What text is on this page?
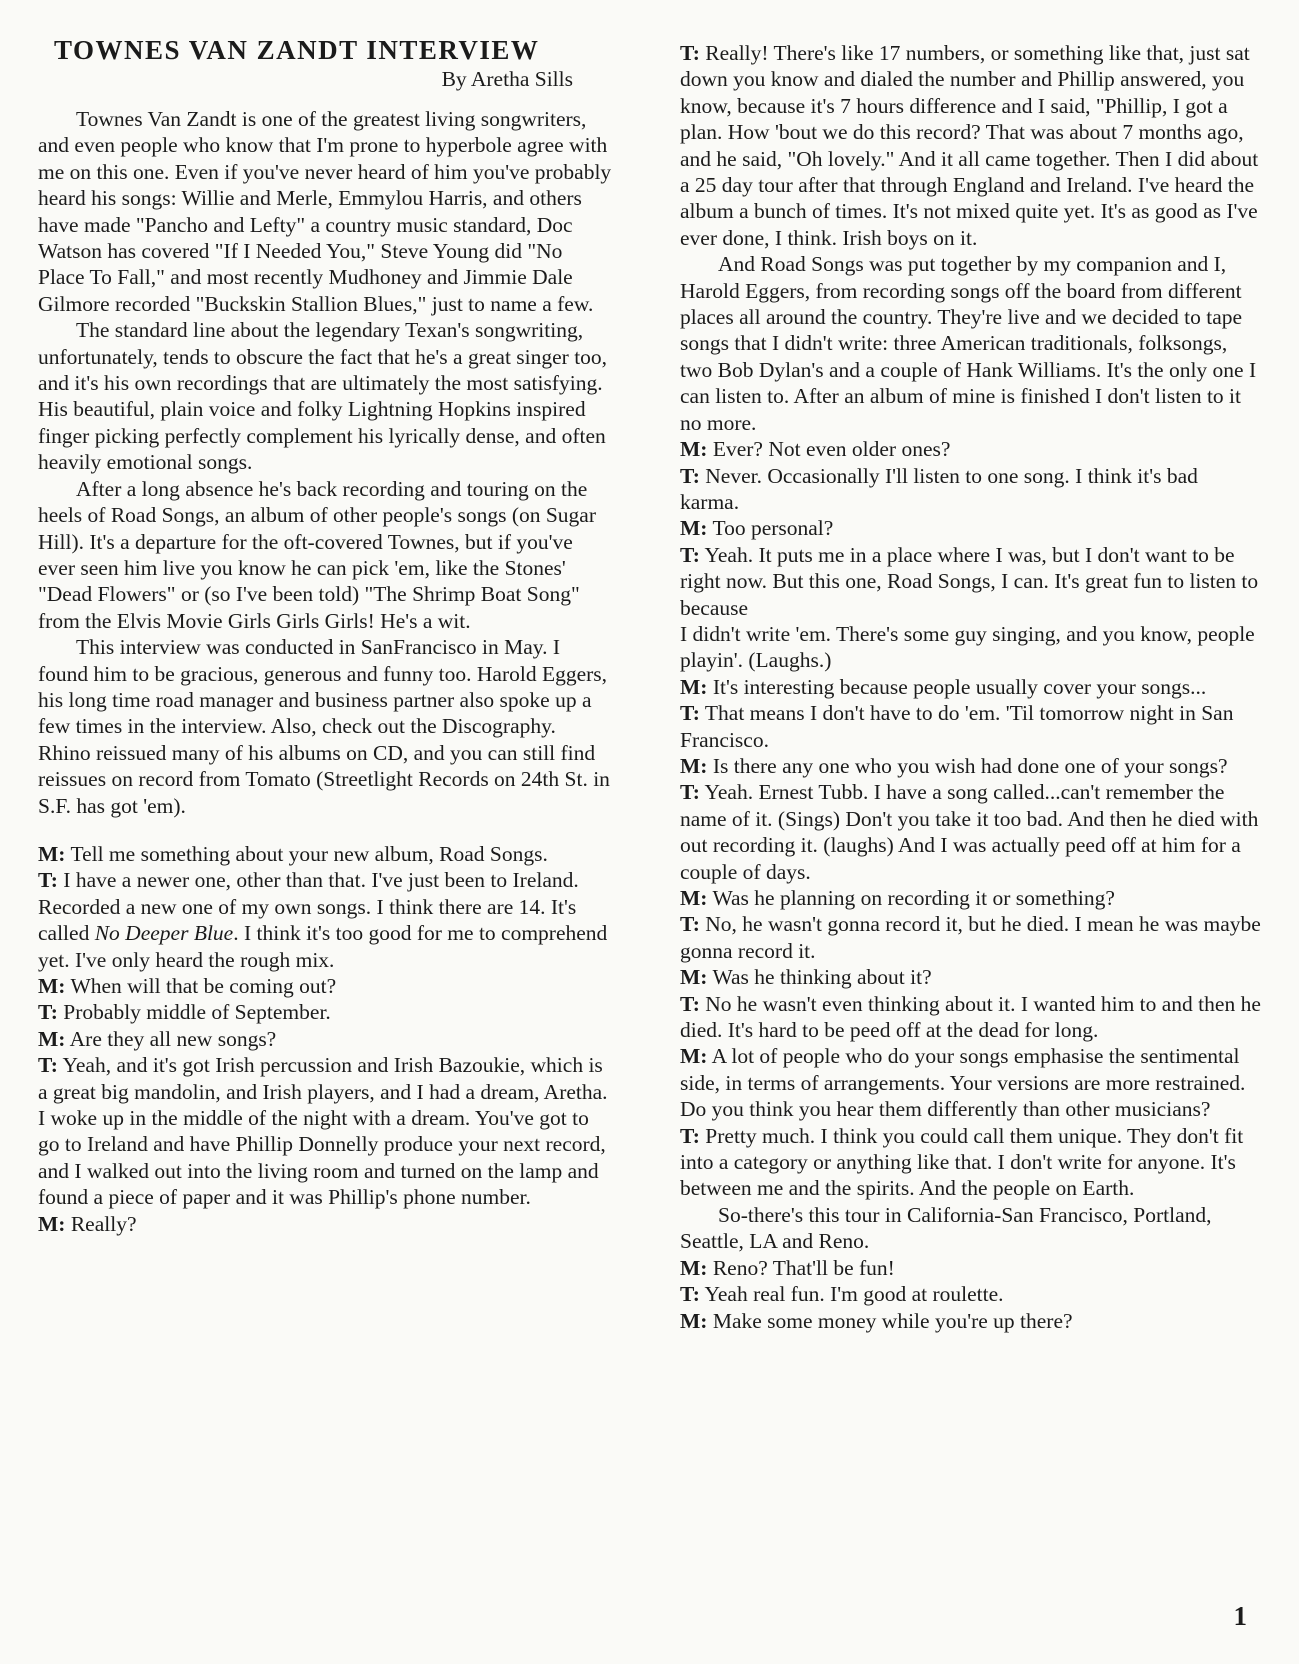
TOWNES VAN ZANDT INTERVIEW
By Aretha Sills

Townes Van Zandt is one of the greatest living songwriters, and even people who know that I'm prone to hyperbole agree with me on this one. Even if you've never heard of him you've probably heard his songs: Willie and Merle, Emmylou Harris, and others have made "Pancho and Lefty" a country music standard, Doc Watson has covered "If I Needed You," Steve Young did "No Place To Fall," and most recently Mudhoney and Jimmie Dale Gilmore recorded "Buckskin Stallion Blues," just to name a few.

The standard line about the legendary Texan's songwriting, unfortunately, tends to obscure the fact that he's a great singer too, and it's his own recordings that are ultimately the most satisfying. His beautiful, plain voice and folky Lightning Hopkins inspired finger picking perfectly complement his lyrically dense, and often heavily emotional songs.

After a long absence he's back recording and touring on the heels of Road Songs, an album of other people's songs (on Sugar Hill). It's a departure for the oft-covered Townes, but if you've ever seen him live you know he can pick 'em, like the Stones' "Dead Flowers" or (so I've been told) "The Shrimp Boat Song" from the Elvis Movie Girls Girls Girls! He's a wit.

This interview was conducted in SanFrancisco in May. I found him to be gracious, generous and funny too. Harold Eggers, his long time road manager and business partner also spoke up a few times in the interview. Also, check out the Discography. Rhino reissued many of his albums on CD, and you can still find reissues on record from Tomato (Streetlight Records on 24th St. in S.F. has got 'em).

M: Tell me something about your new album, Road Songs.

T: I have a newer one, other than that. I've just been to Ireland. Recorded a new one of my own songs. I think there are 14. It's called No Deeper Blue. I think it's too good for me to comprehend yet. I've only heard the rough mix.

M: When will that be coming out?

T: Probably middle of September.

M: Are they all new songs?

T: Yeah, and it's got Irish percussion and Irish Bazoukie, which is a great big mandolin, and Irish players, and I had a dream, Aretha. I woke up in the middle of the night with a dream. You've got to go to Ireland and have Phillip Donnelly produce your next record, and I walked out into the living room and turned on the lamp and found a piece of paper and it was Phillip's phone number.

M: Really?

T: Really! There's like 17 numbers, or something like that, just sat down you know and dialed the number and Phillip answered, you know, because it's 7 hours difference and I said, "Phillip, I got a plan. How 'bout we do this record? That was about 7 months ago, and he said, "Oh lovely." And it all came together. Then I did about a 25 day tour after that through England and Ireland. I've heard the album a bunch of times. It's not mixed quite yet. It's as good as I've ever done, I think. Irish boys on it.

And Road Songs was put together by my companion and I, Harold Eggers, from recording songs off the board from different places all around the country. They're live and we decided to tape songs that I didn't write: three American traditionals, folksongs, two Bob Dylan's and a couple of Hank Williams. It's the only one I can listen to. After an album of mine is finished I don't listen to it no more.

M: Ever? Not even older ones?

T: Never. Occasionally I'll listen to one song. I think it's bad karma.

M: Too personal?

T: Yeah. It puts me in a place where I was, but I don't want to be right now. But this one, Road Songs, I can. It's great fun to listen to because

I didn't write 'em. There's some guy singing, and you know, people playin'. (Laughs.)

M: It's interesting because people usually cover your songs...

T: That means I don't have to do 'em. 'Til tomorrow night in San Francisco.

M: Is there any one who you wish had done one of your songs?

T: Yeah. Ernest Tubb. I have a song called...can't remember the name of it. (Sings) Don't you take it too bad. And then he died with out recording it. (laughs) And I was actually peed off at him for a couple of days.

M: Was he planning on recording it or something?

T: No, he wasn't gonna record it, but he died. I mean he was maybe gonna record it.

M: Was he thinking about it?

T: No he wasn't even thinking about it. I wanted him to and then he died. It's hard to be peed off at the dead for long.

M: A lot of people who do your songs emphasise the sentimental side, in terms of arrangements. Your versions are more restrained. Do you think you hear them differently than other musicians?

T: Pretty much. I think you could call them unique. They don't fit into a category or anything like that. I don't write for anyone. It's between me and the spirits. And the people on Earth.

So-there's this tour in California-San Francisco, Portland, Seattle, LA and Reno.

M: Reno? That'll be fun!

T: Yeah real fun. I'm good at roulette.

M: Make some money while you're up there?

1
